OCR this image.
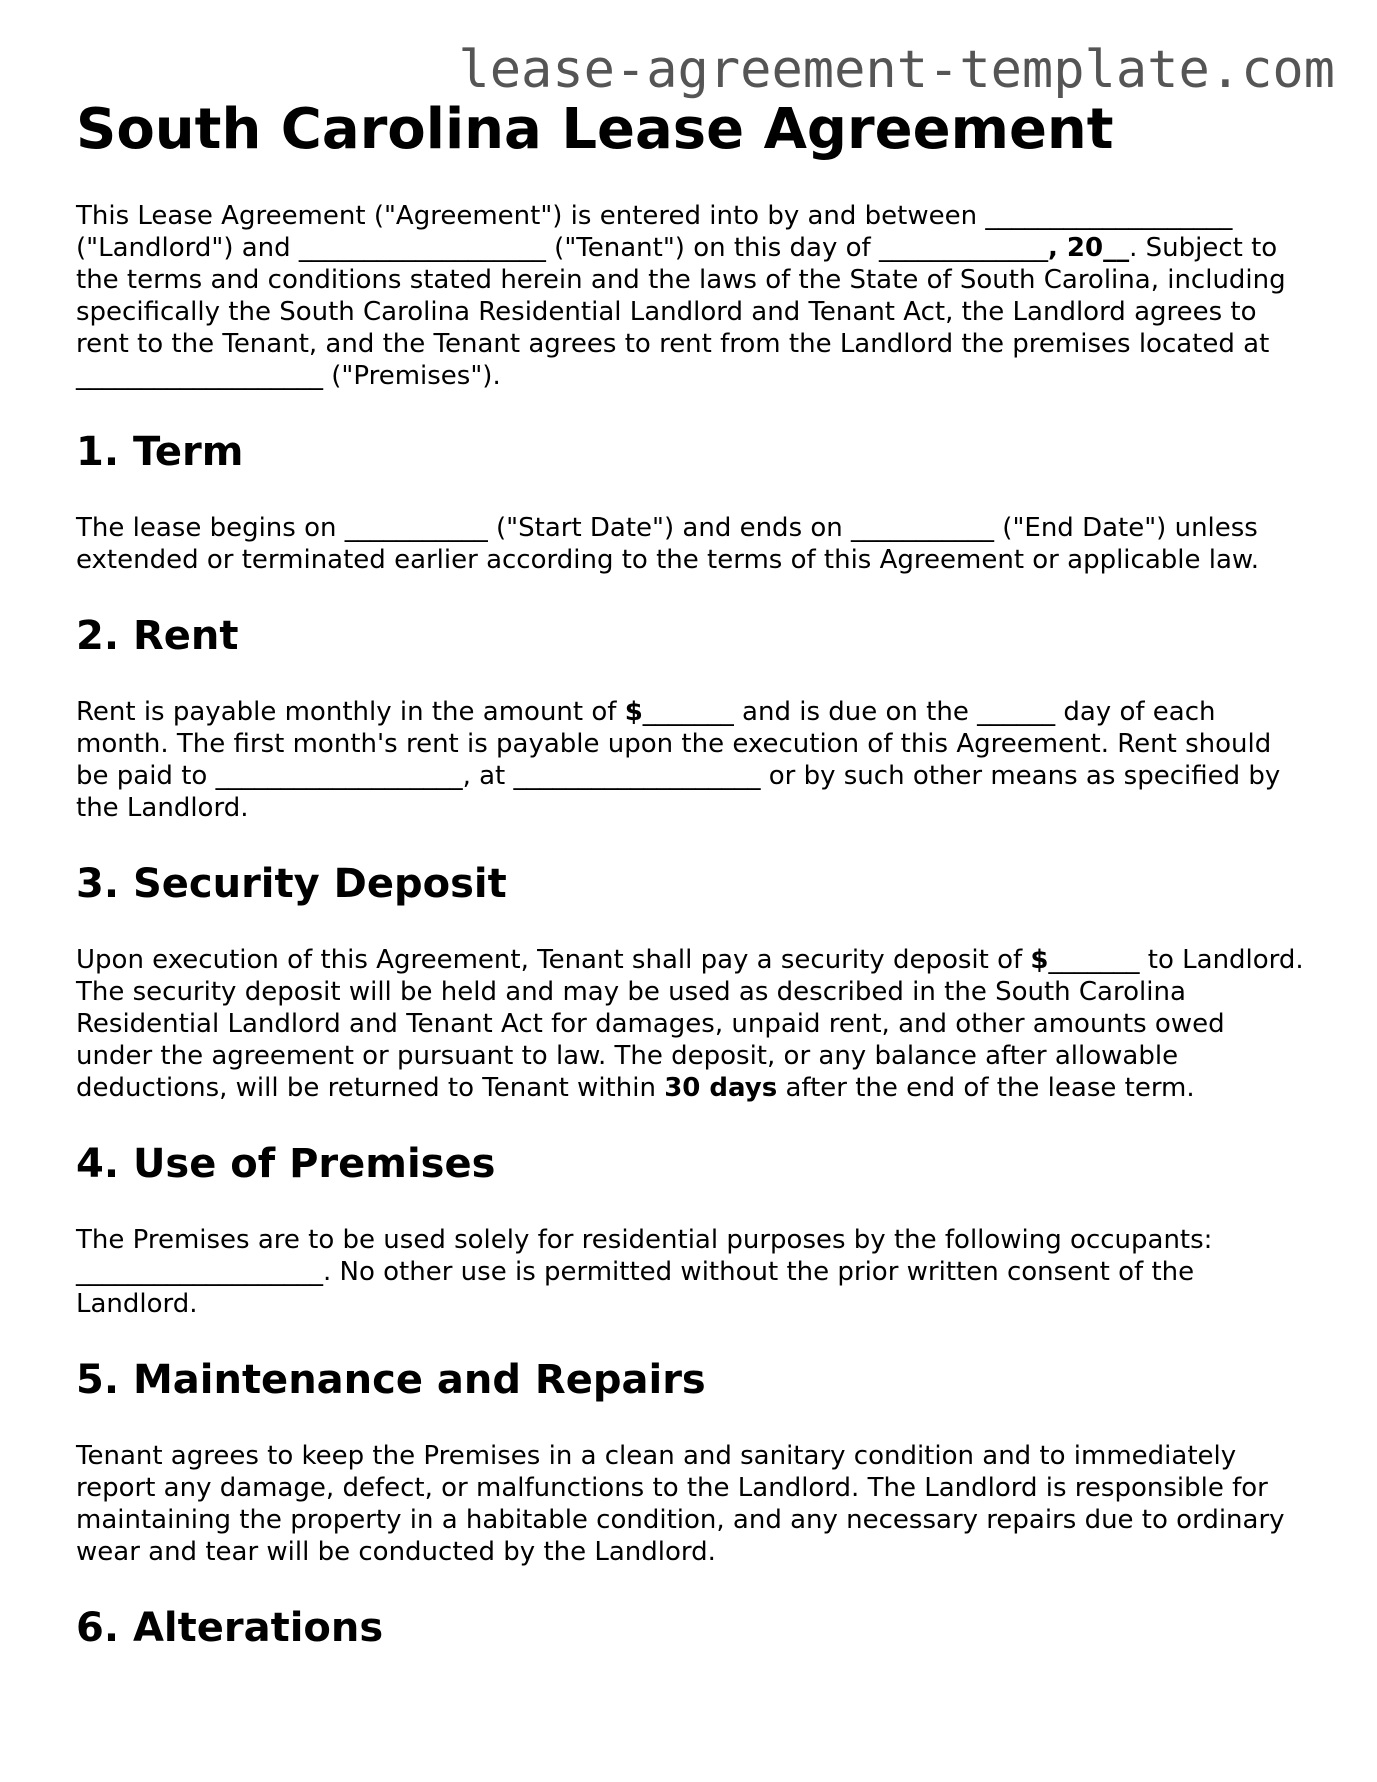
lease-agreement-template.com
South Carolina Lease Agreement

This Lease Agreement ("Agreement") is entered into by and between ___________________ ("Landlord") and ___________________ ("Tenant") on this day of _____________, 20__. Subject to the terms and conditions stated herein and the laws of the State of South Carolina, including specifically the South Carolina Residential Landlord and Tenant Act, the Landlord agrees to rent to the Tenant, and the Tenant agrees to rent from the Landlord the premises located at ___________________ ("Premises").

1. Term

The lease begins on ___________ ("Start Date") and ends on ___________ ("End Date") unless extended or terminated earlier according to the terms of this Agreement or applicable law.

2. Rent

Rent is payable monthly in the amount of $_______ and is due on the ______ day of each month. The first month's rent is payable upon the execution of this Agreement. Rent should be paid to ___________________, at ___________________ or by such other means as specified by the Landlord.

3. Security Deposit

Upon execution of this Agreement, Tenant shall pay a security deposit of $_______ to Landlord. The security deposit will be held and may be used as described in the South Carolina Residential Landlord and Tenant Act for damages, unpaid rent, and other amounts owed under the agreement or pursuant to law. The deposit, or any balance after allowable deductions, will be returned to Tenant within 30 days after the end of the lease term.

4. Use of Premises

The Premises are to be used solely for residential purposes by the following occupants: ___________________. No other use is permitted without the prior written consent of the Landlord.

5. Maintenance and Repairs

Tenant agrees to keep the Premises in a clean and sanitary condition and to immediately report any damage, defect, or malfunctions to the Landlord. The Landlord is responsible for maintaining the property in a habitable condition, and any necessary repairs due to ordinary wear and tear will be conducted by the Landlord.

6. Alterations
